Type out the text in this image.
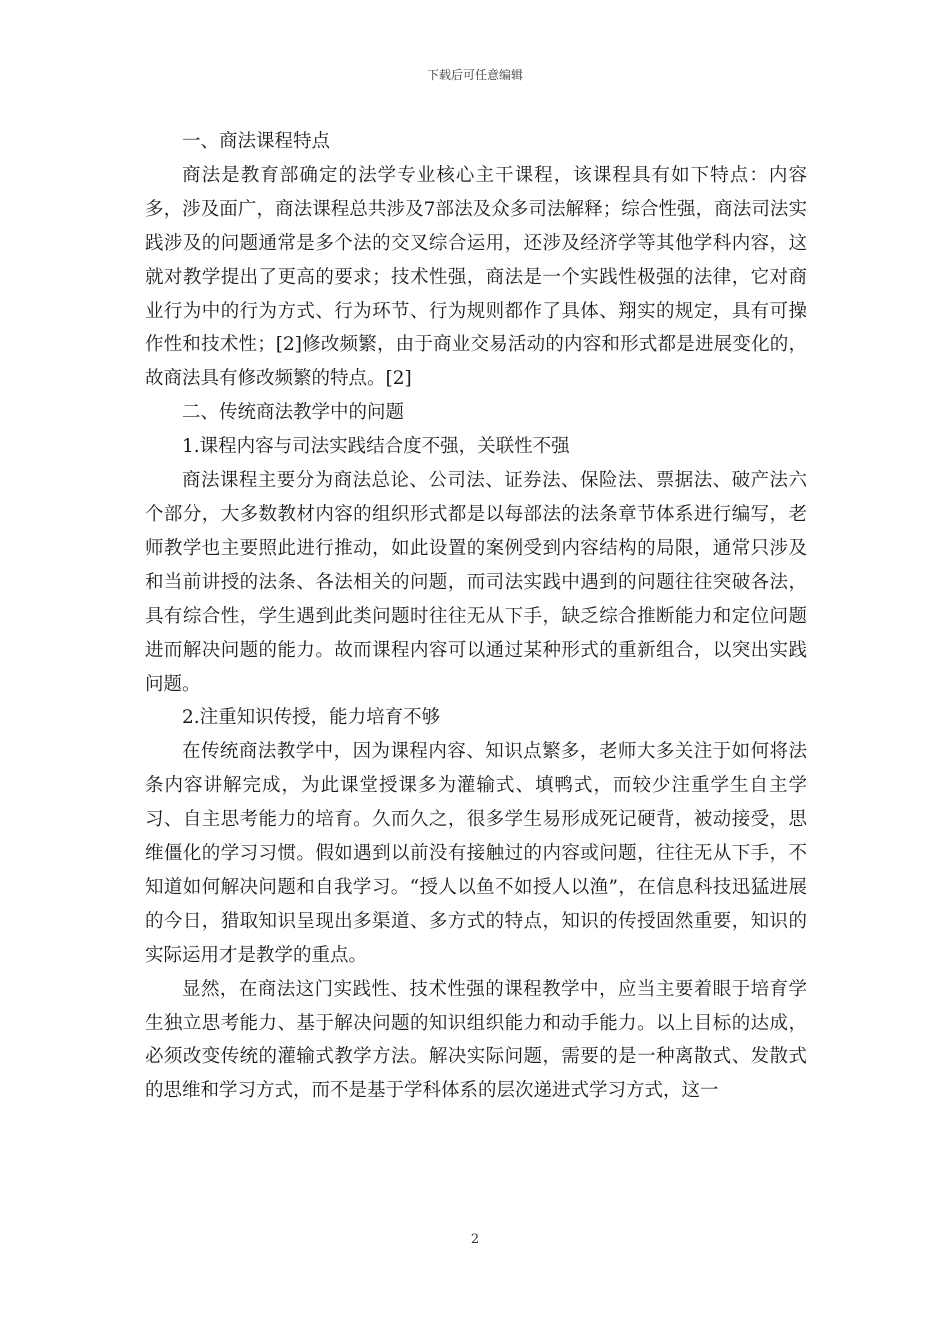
下载后可任意编辑

一、商法课程特点

商法是教育部确定的法学专业核心主干课程，该课程具有如下特点：内容多，涉及面广，商法课程总共涉及7部法及众多司法解释；综合性强，商法司法实践涉及的问题通常是多个法的交叉综合运用，还涉及经济学等其他学科内容，这就对教学提出了更高的要求；技术性强，商法是一个实践性极强的法律，它对商业行为中的行为方式、行为环节、行为规则都作了具体、翔实的规定，具有可操作性和技术性；[2]修改频繁，由于商业交易活动的内容和形式都是进展变化的，故商法具有修改频繁的特点。[2]

二、传统商法教学中的问题

1.课程内容与司法实践结合度不强，关联性不强

商法课程主要分为商法总论、公司法、证券法、保险法、票据法、破产法六个部分，大多数教材内容的组织形式都是以每部法的法条章节体系进行编写，老师教学也主要照此进行推动，如此设置的案例受到内容结构的局限，通常只涉及和当前讲授的法条、各法相关的问题，而司法实践中遇到的问题往往突破各法，具有综合性，学生遇到此类问题时往往无从下手，缺乏综合推断能力和定位问题进而解决问题的能力。故而课程内容可以通过某种形式的重新组合，以突出实践问题。

2.注重知识传授，能力培育不够

在传统商法教学中，因为课程内容、知识点繁多，老师大多关注于如何将法条内容讲解完成，为此课堂授课多为灌输式、填鸭式，而较少注重学生自主学习、自主思考能力的培育。久而久之，很多学生易形成死记硬背，被动接受，思维僵化的学习习惯。假如遇到以前没有接触过的内容或问题，往往无从下手，不知道如何解决问题和自我学习。“授人以鱼不如授人以渔”，在信息科技迅猛进展的今日，猎取知识呈现出多渠道、多方式的特点，知识的传授固然重要，知识的实际运用才是教学的重点。

显然，在商法这门实践性、技术性强的课程教学中，应当主要着眼于培育学生独立思考能力、基于解决问题的知识组织能力和动手能力。以上目标的达成，必须改变传统的灌输式教学方法。解决实际问题，需要的是一种离散式、发散式的思维和学习方式，而不是基于学科体系的层次递进式学习方式，这一

2
